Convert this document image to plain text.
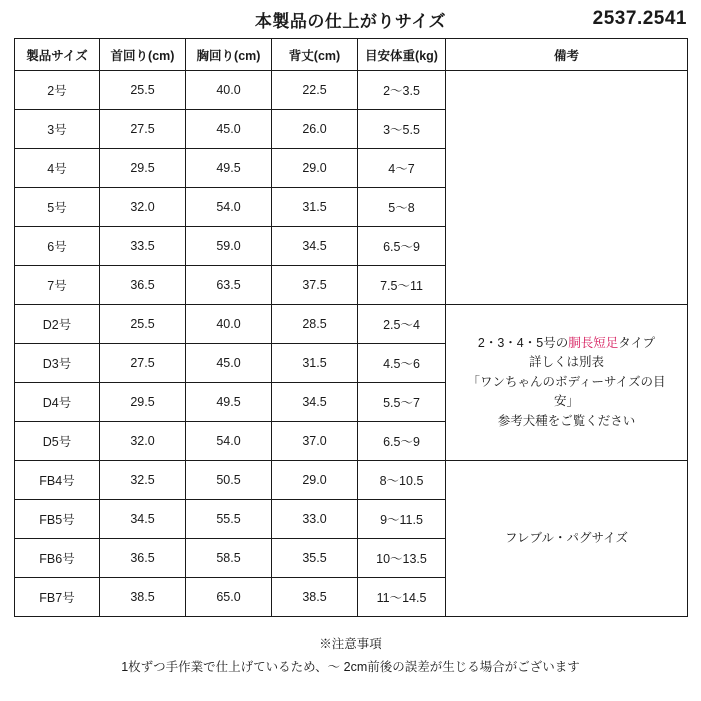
本製品の仕上がりサイズ	2537.2541
製品サイズ	首回り(cm)	胸回り(cm)	背丈(cm)	目安体重(kg)	備考
2号	25.5	40.0	22.5	2〜3.5	
3号	27.5	45.0	26.0	3〜5.5	
4号	29.5	49.5	29.0	4〜7	
5号	32.0	54.0	31.5	5〜8	
6号	33.5	59.0	34.5	6.5〜9	
7号	36.5	63.5	37.5	7.5〜11	
D2号	25.5	40.0	28.5	2.5〜4	2・3・4・5号の胴長短足タイプ
詳しくは別表
「ワンちゃんのボディーサイズの目
安」
参考犬種をご覧ください

D3号	27.5	45.0	31.5	4.5〜6	
D4号	29.5	49.5	34.5	5.5〜7	
D5号	32.0	54.0	37.0	6.5〜9	
FB4号	32.5	50.5	29.0	8〜10.5	フレブル・パグサイズ
FB5号	34.5	55.5	33.0	9〜11.5	
FB6号	36.5	58.5	35.5	10〜13.5	
FB7号	38.5	65.0	38.5	11〜14.5	
※注意事項
1枚ずつ手作業で仕上げているため、〜 2cm前後の誤差が生じる場合がございます
